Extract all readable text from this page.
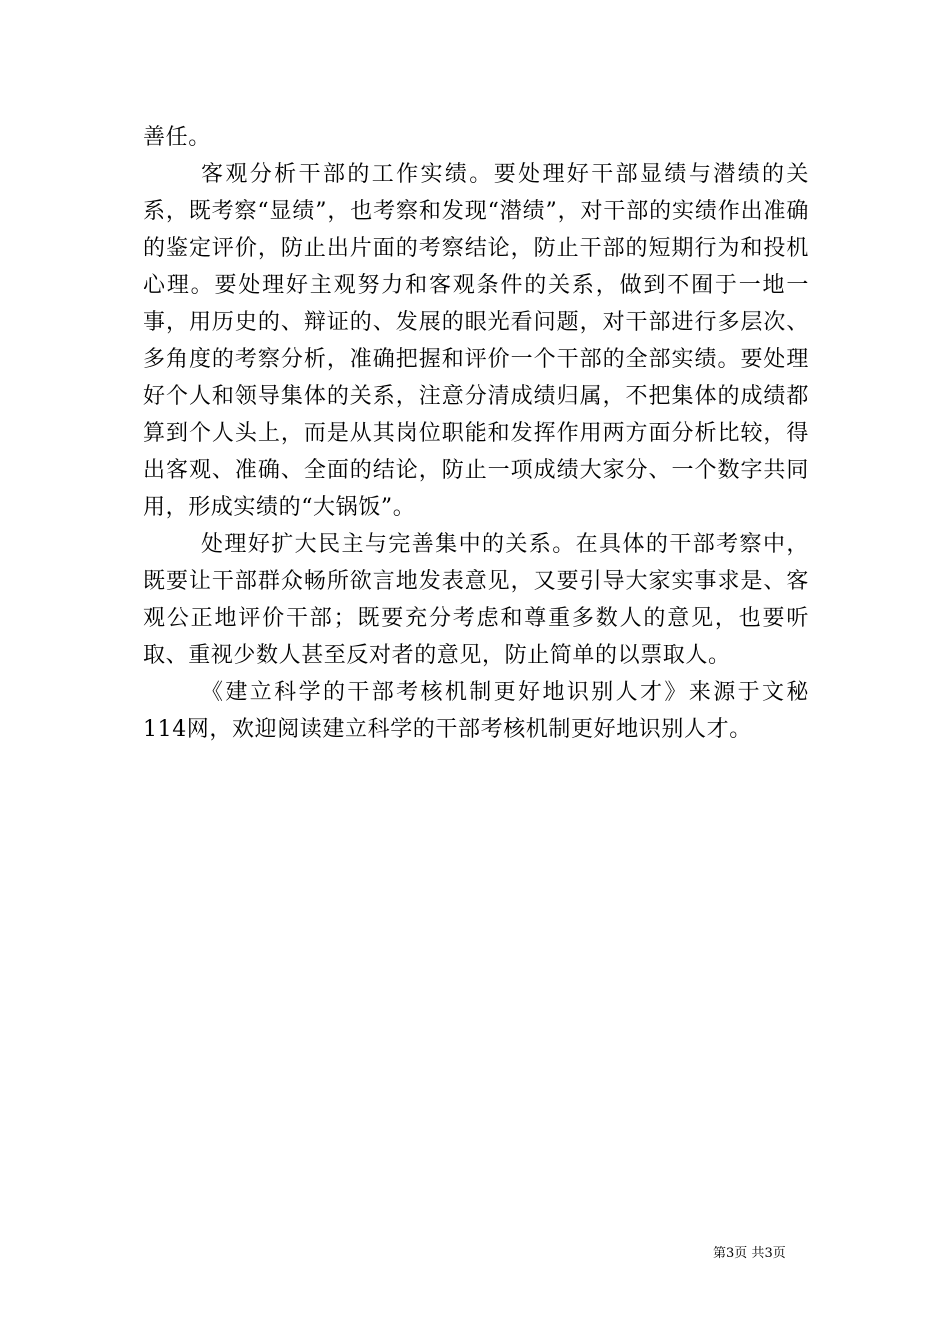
善任。

客观分析干部的工作实绩。要处理好干部显绩与潜绩的关系，既考察“显绩”，也考察和发现“潜绩”，对干部的实绩作出准确的鉴定评价，防止出片面的考察结论，防止干部的短期行为和投机心理。要处理好主观努力和客观条件的关系，做到不囿于一地一事，用历史的、辩证的、发展的眼光看问题，对干部进行多层次、多角度的考察分析，准确把握和评价一个干部的全部实绩。要处理好个人和领导集体的关系，注意分清成绩归属，不把集体的成绩都算到个人头上，而是从其岗位职能和发挥作用两方面分析比较，得出客观、准确、全面的结论，防止一项成绩大家分、一个数字共同用，形成实绩的“大锅饭”。

处理好扩大民主与完善集中的关系。在具体的干部考察中，既要让干部群众畅所欲言地发表意见，又要引导大家实事求是、客观公正地评价干部；既要充分考虑和尊重多数人的意见，也要听取、重视少数人甚至反对者的意见，防止简单的以票取人。

《建立科学的干部考核机制更好地识别人才》来源于文秘114网，欢迎阅读建立科学的干部考核机制更好地识别人才。

第3页 共3页
